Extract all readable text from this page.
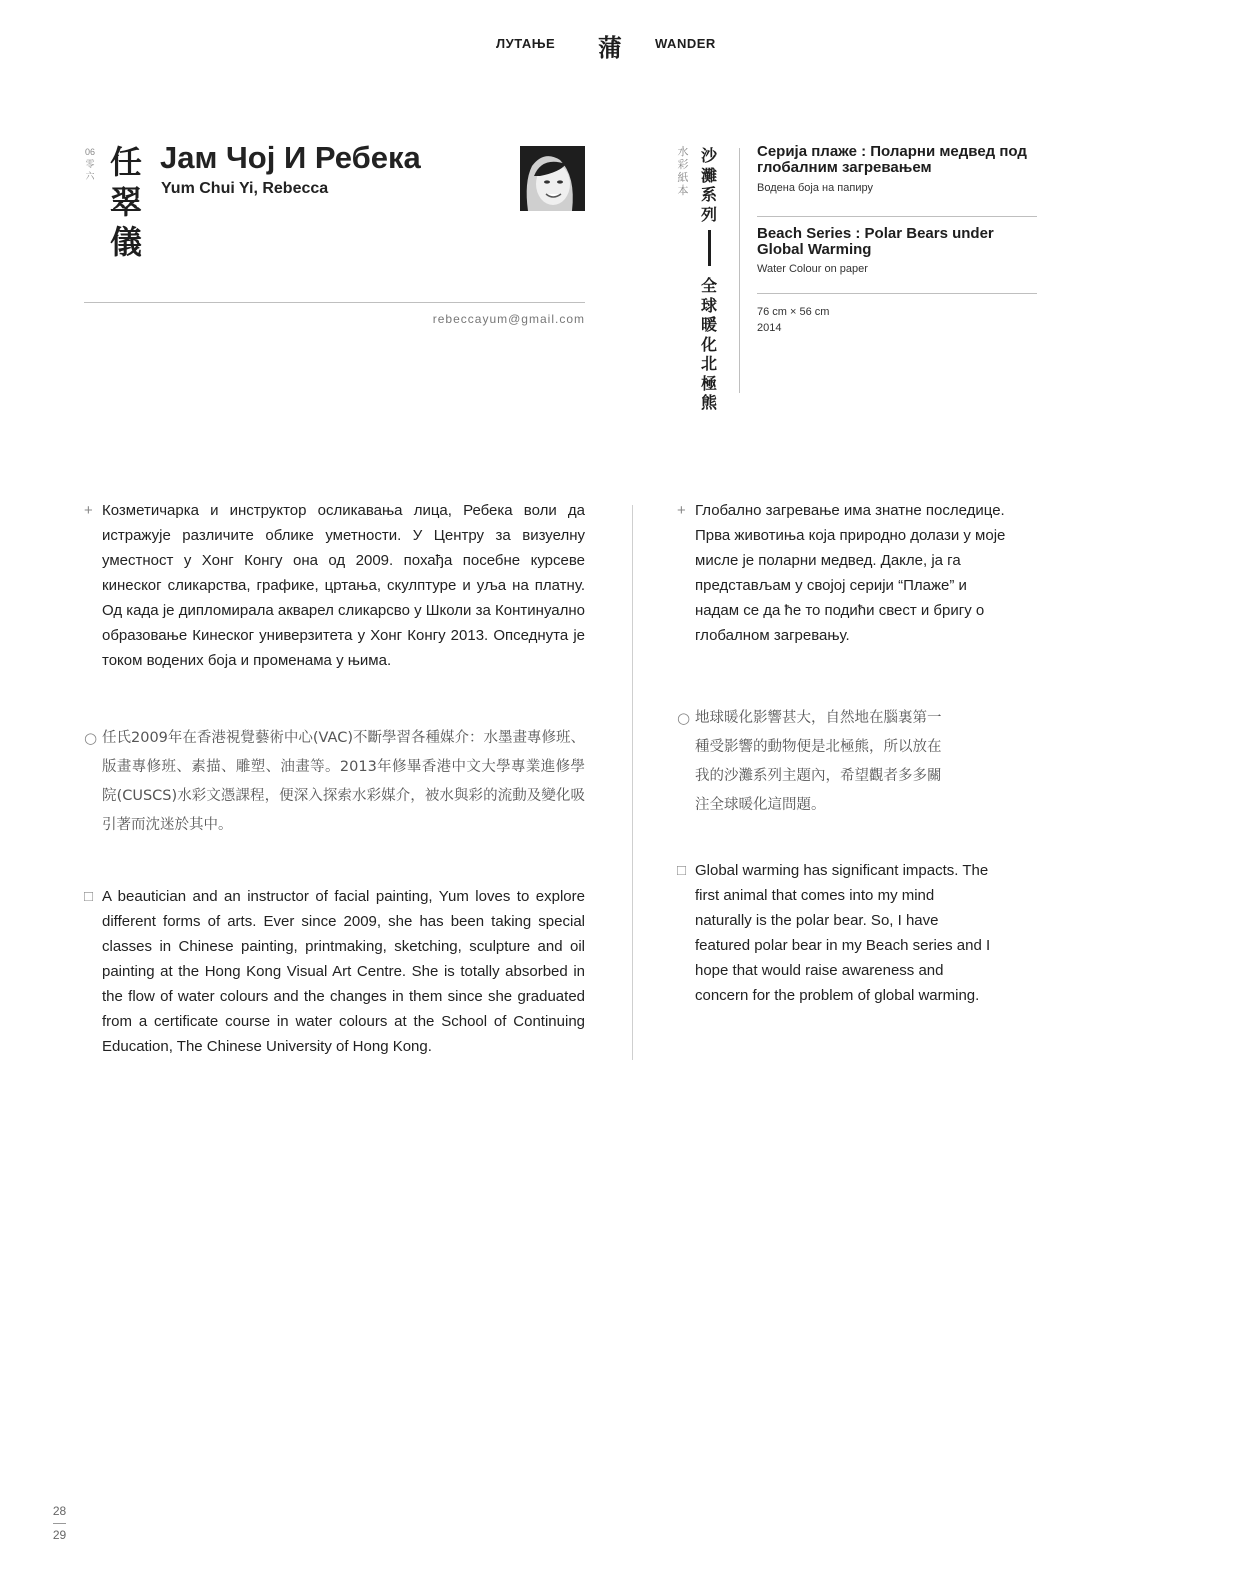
ЛУТАЊЕ 蒲	WANDER
06
零六 任翠儀
Јам Чој И Ребека
Yum Chui Yi, Rebecca
rebeccayum@gmail.com
水彩紙本
沙灘系列
全球暖化北極熊
Серија плаже : Поларни медвед под глобалним загревањем
Водена боја на папиру
Beach Series : Polar Bears under Global Warming
Water Colour on paper
76 cm × 56 cm
2014
+ Козметичарка и инструктор осликавања лица, Ребека воли да истражује различите облике уметности. У Центру за визуелну уместност у Хонг Конгу она од 2009. похађа посебне курсеве кинеског сликарства, графике, цртања, скулптуре и уља на платну. Од када је дипломирала акварел сликарсво у Школи за Континуално образовање Кинеског универзитета у Хонг Конгу 2013. Опседнута је током водених боја и променама у њима.
○ 任氏2009年在香港視覺藝術中心(VAC)不斷學習各種媒介：水墨畫專修班、版畫專修班、素描、雕塑、油畫等。2013年修畢香港中文大學專業進修學院(CUSCS)水彩文憑課程，便深入探索水彩媒介，被水與彩的流動及變化吸引著而沈迷於其中。
□ A beautician and an instructor of facial painting, Yum loves to explore different forms of arts. Ever since 2009, she has been taking special classes in Chinese painting, printmaking, sketching, sculpture and oil painting at the Hong Kong Visual Art Centre. She is totally absorbed in the flow of water colours and the changes in them since she graduated from a certificate course in water colours at the School of Continuing Education, The Chinese University of Hong Kong.
+ Глобално загревање има знатне последице. Прва животиња која природно долази у моје мисле је поларни медвед. Дакле, ја га представљам у својој серији “Плаже” и надам се да ће то подићи свест и бригу о глобалном загревању.
○ 地球暖化影響甚大，自然地在腦裏第一種受影響的動物便是北極熊，所以放在我的沙灘系列主題內，希望觀者多多關注全球暖化這問題。
□ Global warming has significant impacts. The first animal that comes into my mind naturally is the polar bear. So, I have featured polar bear in my Beach series and I hope that would raise awareness and concern for the problem of global warming.
28
29
